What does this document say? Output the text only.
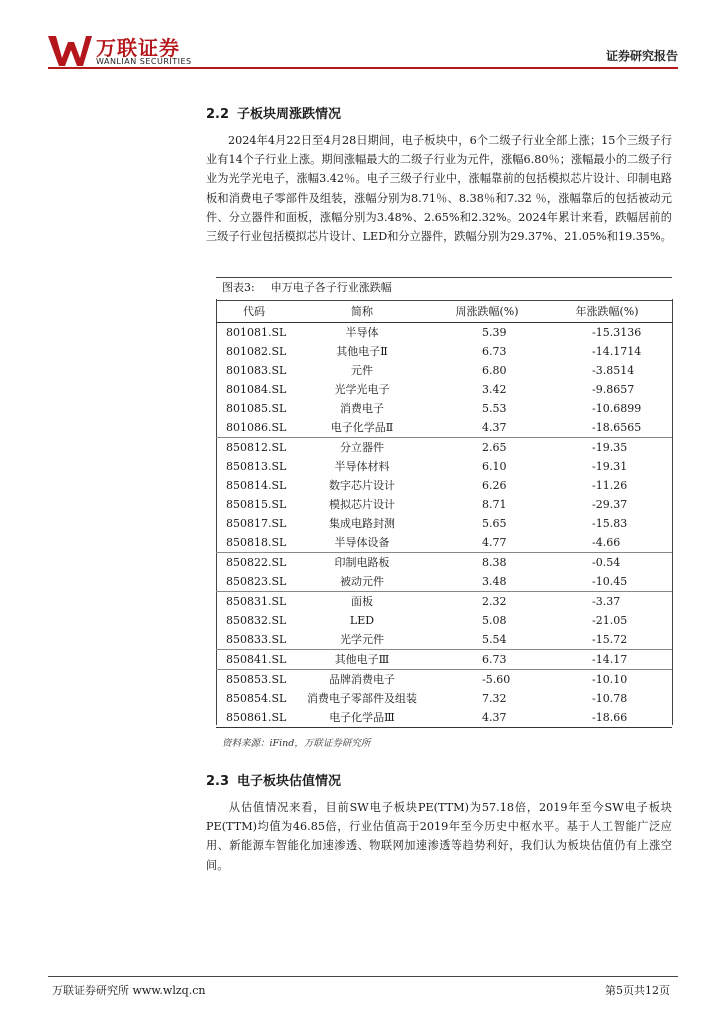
万联证券
WANLIAN SECURITIES	证券研究报告
2.2 子板块周涨跌情况

2024年4月22日至4月28日期间，电子板块中，6个二级子行业全部上涨；15个三级子行业有14个子行业上涨。期间涨幅最大的二级子行业为元件，涨幅6.80％；涨幅最小的二级子行业为光学光电子，涨幅3.42％。电子三级子行业中，涨幅靠前的包括模拟芯片设计、印制电路板和消费电子零部件及组装，涨幅分别为8.71％、8.38％和7.32 ％，涨幅靠后的包括被动元件、分立器件和面板，涨幅分别为3.48%、2.65%和2.32%。2024年累计来看，跌幅居前的三级子行业包括模拟芯片设计、LED和分立器件，跌幅分别为29.37%、21.05%和19.35%。

图表3: 申万电子各子行业涨跌幅
代码	简称	周涨跌幅(%)	年涨跌幅(%)
801081.SL	半导体	5.39	-15.3136
801082.SL	其他电子Ⅱ	6.73	-14.1714
801083.SL	元件	6.80	-3.8514
801084.SL	光学光电子	3.42	-9.8657
801085.SL	消费电子	5.53	-10.6899
801086.SL	电子化学品Ⅱ	4.37	-18.6565
850812.SL	分立器件	2.65	-19.35
850813.SL	半导体材料	6.10	-19.31
850814.SL	数字芯片设计	6.26	-11.26
850815.SL	模拟芯片设计	8.71	-29.37
850817.SL	集成电路封测	5.65	-15.83
850818.SL	半导体设备	4.77	-4.66
850822.SL	印制电路板	8.38	-0.54
850823.SL	被动元件	3.48	-10.45
850831.SL	面板	2.32	-3.37
850832.SL	LED	5.08	-21.05
850833.SL	光学元件	5.54	-15.72
850841.SL	其他电子Ⅲ	6.73	-14.17
850853.SL	品牌消费电子	-5.60	-10.10
850854.SL	消费电子零部件及组装	7.32	-10.78
850861.SL	电子化学品Ⅲ	4.37	-18.66
资料来源：iFind，万联证券研究所
2.3 电子板块估值情况

从估值情况来看，目前SW电子板块PE(TTM)为57.18倍，2019年至今SW电子板块PE(TTM)均值为46.85倍，行业估值高于2019年至今历史中枢水平。基于人工智能广泛应用、新能源车智能化加速渗透、物联网加速渗透等趋势利好，我们认为板块估值仍有上涨空间。

万联证券研究所 www.wlzq.cn	第5页共12页
